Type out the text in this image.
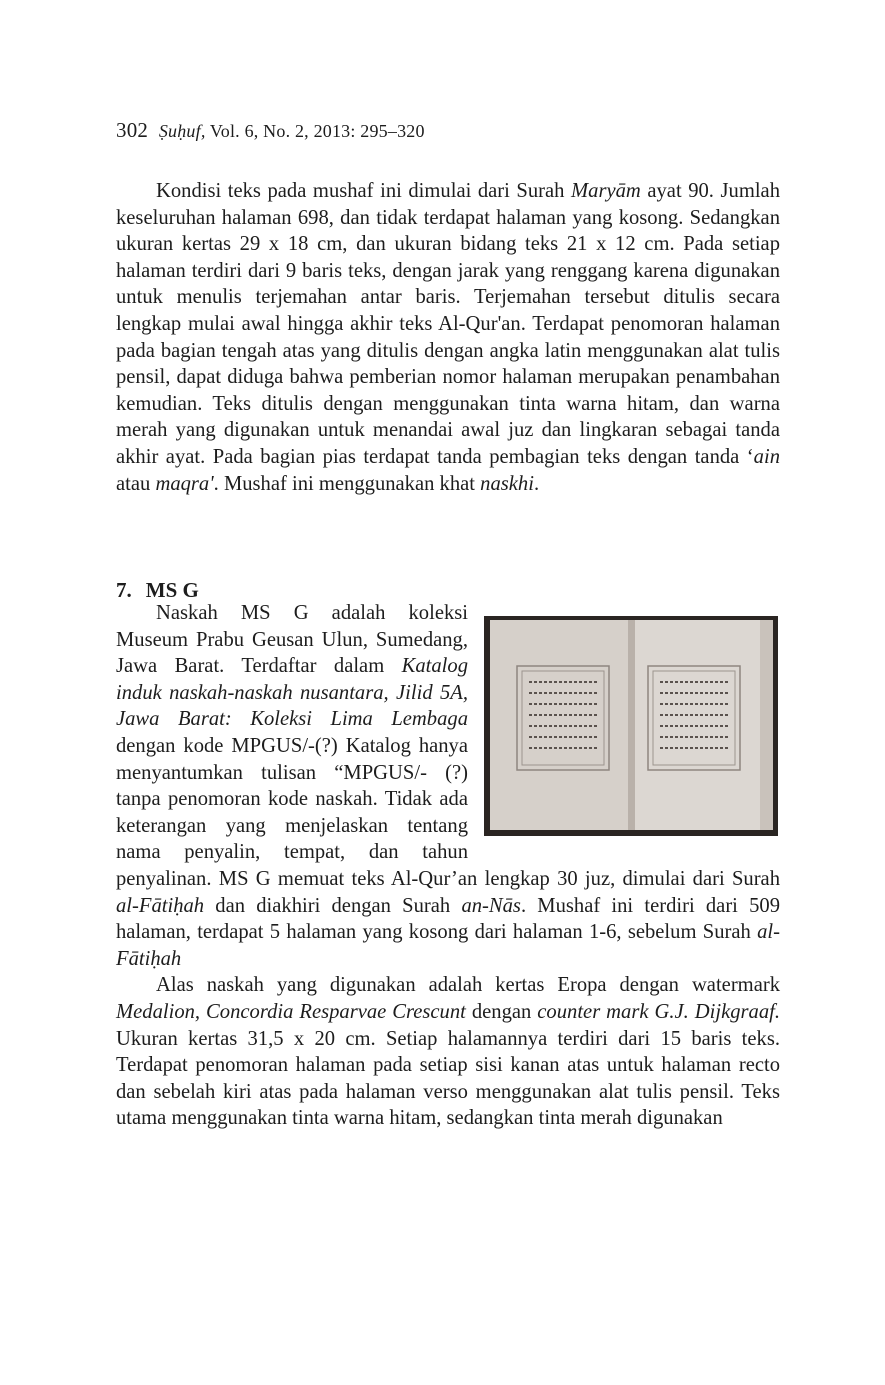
302 Ṣuḥuf, Vol. 6, No. 2, 2013: 295–320
Kondisi teks pada mushaf ini dimulai dari Surah Maryām ayat 90. Jumlah keseluruhan halaman 698, dan tidak terdapat halaman yang kosong. Sedangkan ukuran kertas 29 x 18 cm, dan ukuran bidang teks 21 x 12 cm. Pada setiap halaman terdiri dari 9 baris teks, dengan jarak yang renggang karena digunakan untuk menulis terjemahan antar baris. Terjemahan tersebut ditulis secara lengkap mulai awal hingga akhir teks Al-Qur'an. Terdapat penomoran halaman pada bagian tengah atas yang ditulis dengan angka latin menggunakan alat tulis pensil, dapat diduga bahwa pemberian nomor halaman merupakan penambahan kemudian. Teks ditulis dengan menggunakan tinta warna hitam, dan warna merah yang digunakan untuk menandai awal juz dan lingkaran sebagai tanda akhir ayat. Pada bagian pias terdapat tanda pembagian teks dengan tanda ‘ain atau maqra'. Mushaf ini menggunakan khat naskhi.
7. MS G

Naskah MS G adalah koleksi Museum Prabu Geusan Ulun, Sumedang, Jawa Barat. Terdaftar dalam Katalog induk naskah-naskah nusantara, Jilid 5A, Jawa Barat: Koleksi Lima Lembaga dengan kode MPGUS/-(?) Katalog hanya menyantumkan tulisan “MPGUS/- (?) tanpa penomoran kode naskah. Tidak ada keterangan yang menjelaskan tentang nama penyalin, tempat, dan tahun penyalinan. MS G memuat teks Al-Qur’an lengkap 30 juz, dimulai dari Surah al-Fātiḥah dan diakhiri dengan Surah an-Nās. Mushaf ini terdiri dari 509 halaman, terdapat 5 halaman yang kosong dari halaman 1-6, sebelum Surah al-Fātiḥah

Alas naskah yang digunakan adalah kertas Eropa dengan watermark Medalion, Concordia Resparvae Crescunt dengan counter mark G.J. Dijkgraaf. Ukuran kertas 31,5 x 20 cm. Setiap halamannya terdiri dari 15 baris teks. Terdapat penomoran halaman pada setiap sisi kanan atas untuk halaman recto dan sebelah kiri atas pada halaman verso menggunakan alat tulis pensil. Teks utama menggunakan tinta warna hitam, sedangkan tinta merah digunakan
